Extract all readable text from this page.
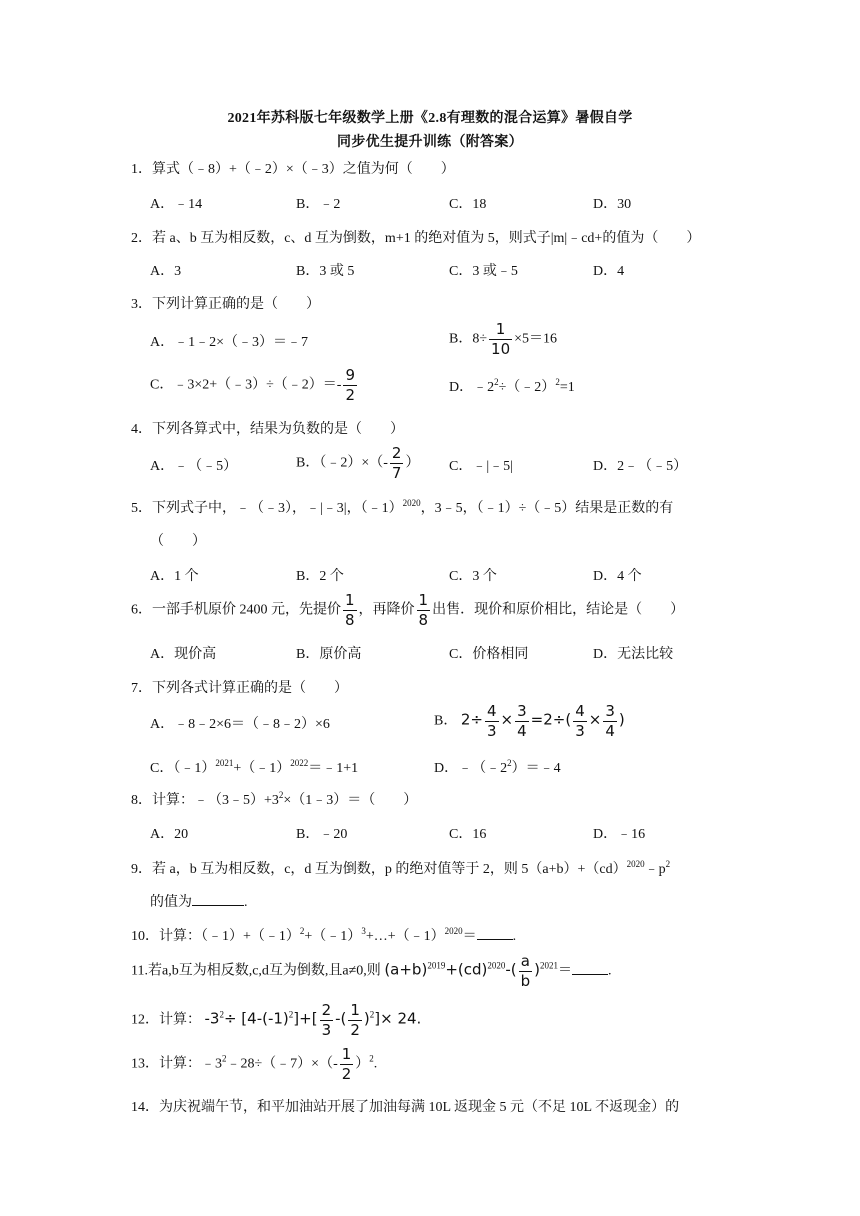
2021年苏科版七年级数学上册《2.8有理数的混合运算》暑假自学
同步优生提升训练（附答案）
1．算式（﹣8）+（﹣2）×（﹣3）之值为何（　　）
A．﹣14	B．﹣2	C．18	D．30
2．若 a、b 互为相反数，c、d 互为倒数，m+1 的绝对值为 5，则式子|m|﹣cd+的值为（　　）
A．3	B．3 或 5	C．3 或﹣5	D．4
3．下列计算正确的是（　　）
A．﹣1﹣2×（﹣3）＝﹣7	B．$8\div \frac{1}{10} \times 5=16$
C．﹣3×2+（﹣3）÷（﹣2）＝- $\frac{9}{2}$	D．$﹣2^2\div(﹣2)^2=1$
4．下列各算式中，结果为负数的是（　　）
A．﹣（﹣5）	B．（﹣2）×（- $\frac{2}{7}$ ） C．﹣|﹣5|	D．2﹣（﹣5）
5．下列式子中，﹣（﹣3），﹣|﹣3|，（﹣1）$^{2020}$，3﹣5，（﹣1）÷（﹣5）结果是正数的有
（　　）
A．1 个	B．2 个	C．3 个	D．4 个
6．一部手机原价 2400 元，先提价 $\frac{1}{8}$ ，再降价 $\frac{1}{8}$ 出售．现价和原价相比，结论是（　　）
A．现价高	B．原价高	C．价格相同	D．无法比较
7．下列各式计算正确的是（　　）
A．﹣8﹣2×6＝（﹣8﹣2）×6	B． $2\div \frac{4}{3} \times \frac{3}{4} =2\div( \frac{4}{3} \times \frac{3}{4}$ )
C．（﹣1）$^{2021}$+（﹣1）$^{2022}$＝﹣1+1	D．$﹣(﹣2^2)=﹣4$
8．计算：$﹣(3﹣5)+3^2\times(1﹣3)=$（　　）
A．20	B．﹣20	C．16	D．﹣16
9．若 a，b 互为相反数，c，d 互为倒数，p 的绝对值等于 2，则 $5(a+b)+(cd)^{2020}﹣p^2$
的值为	.
10．计算：（﹣1）+（﹣1）$^2$+（﹣1）$^3$+…+（﹣1）$^{2020}$＝	.
11.若a,b互为相反数,c,d互为倒数,且a≠0,则 $(a+b)^{2019}+(cd)^{2020}-( \frac{a}{b} )^{2021}=$	.
12．计算： $-3^2\div [4-(-1)^2]+[ \frac{2}{3}$ -( $\frac{1}{2} )^2]\times 24$.
13．计算：$﹣3^2﹣28\div(﹣7)\times(- \frac{1}{2} )^2$.
14．为庆祝端午节，和平加油站开展了加油每满 10L 返现金 5 元（不足 10L 不返现金）的
